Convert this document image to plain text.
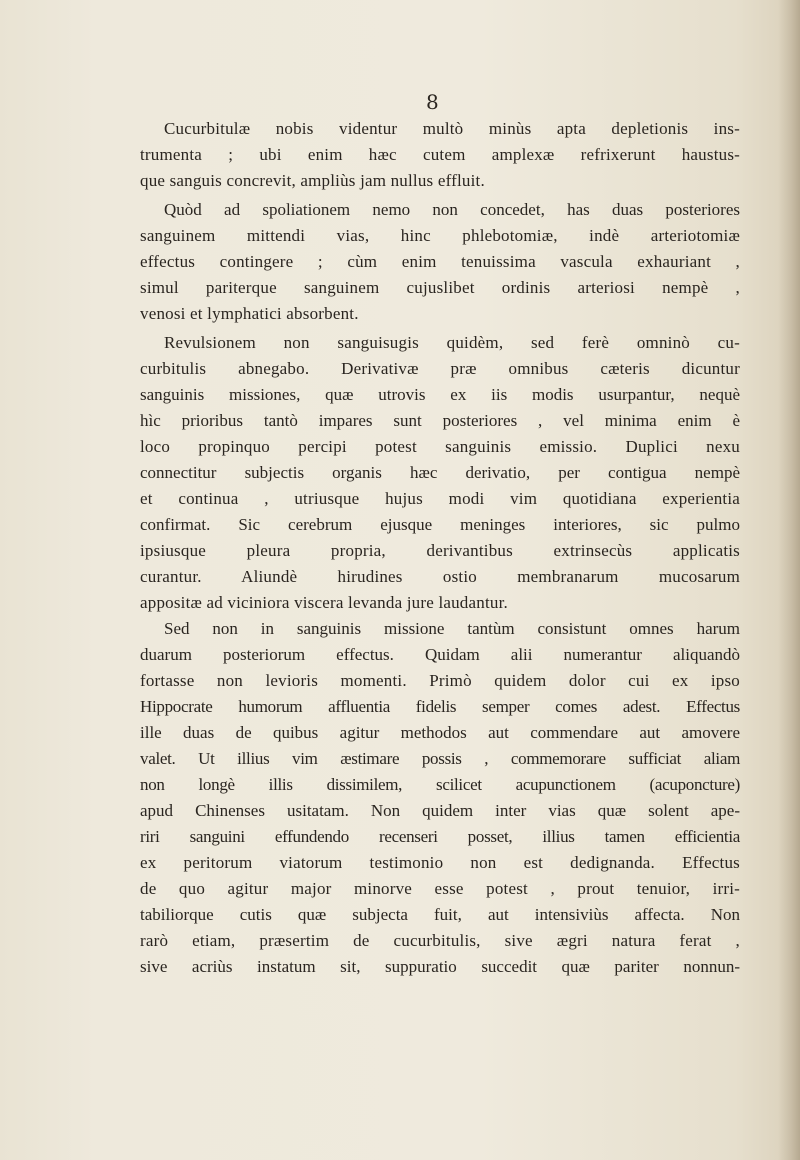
8
Cucurbitulæ nobis videntur multò minùs apta depletionis ins-
trumenta ; ubi enim hæc cutem amplexæ refrixerunt haustus-
que sanguis concrevit, ampliùs jam nullus effluit.
Quòd ad spoliationem nemo non concedet, has duas posteriores
sanguinem mittendi vias, hinc phlebotomiæ, indè arteriotomiæ
effectus contingere ; cùm enim tenuissima vascula exhauriant ,
simul pariterque sanguinem cujuslibet ordinis arteriosi nempè ,
venosi et lymphatici absorbent.
Revulsionem non sanguisugis quidèm, sed ferè omninò cu-
curbitulis abnegabo. Derivativæ præ omnibus cæteris dicuntur
sanguinis missiones, quæ utrovis ex iis modis usurpantur, nequè
hìc prioribus tantò impares sunt posteriores , vel minima enim è
loco propinquo percipi potest sanguinis emissio. Duplici nexu
connectitur subjectis organis hæc derivatio, per contigua nempè
et continua , utriusque hujus modi vim quotidiana experientia
confirmat. Sic cerebrum ejusque meninges interiores, sic pulmo
ipsiusque pleura propria, derivantibus extrinsecùs applicatis
curantur. Aliundè hirudines ostio membranarum mucosarum
appositæ ad viciniora viscera levanda jure laudantur.
Sed non in sanguinis missione tantùm consistunt omnes harum
duarum posteriorum effectus. Quidam alii numerantur aliquandò
fortasse non levioris momenti. Primò quidem dolor cui ex ipso
Hippocrate humorum affluentia fidelis semper comes adest. Effectus
ille duas de quibus agitur methodos aut commendare aut amovere
valet. Ut illius vim æstimare possis , commemorare sufficiat aliam
non longè illis dissimilem, scilicet acupunctionem (acuponcture)
apud Chinenses usitatam. Non quidem inter vias quæ solent ape-
riri sanguini effundendo recenseri posset, illius tamen efficientia
ex peritorum viatorum testimonio non est dedignanda. Effectus
de quo agitur major minorve esse potest , prout tenuior, irri-
tabiliorque cutis quæ subjecta fuit, aut intensiviùs affecta. Non
rarò etiam, præsertim de cucurbitulis, sive ægri natura ferat ,
sive acriùs instatum sit, suppuratio succedit quæ pariter nonnun-
